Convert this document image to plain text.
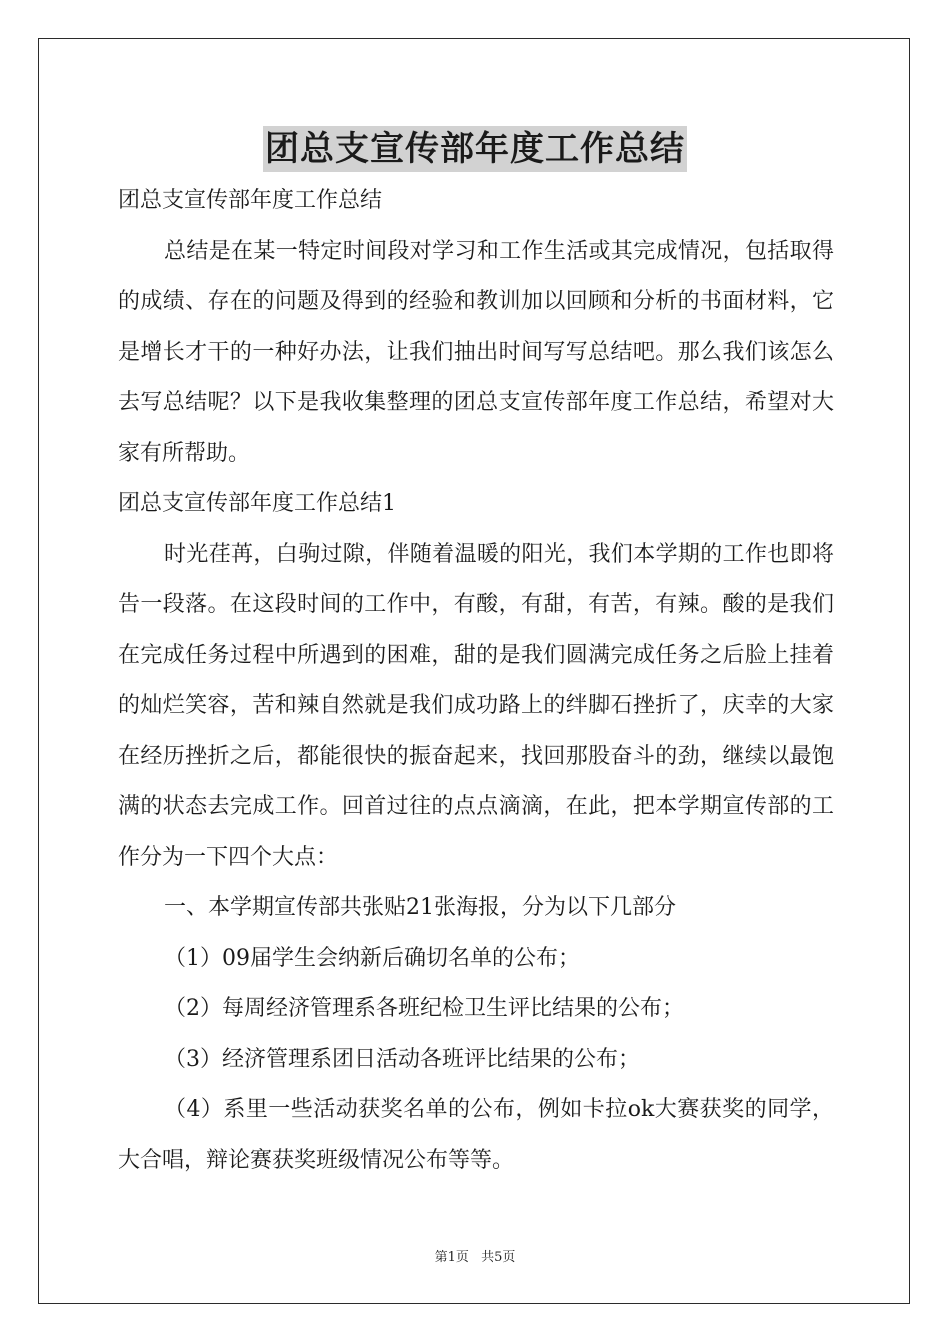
团总支宣传部年度工作总结

团总支宣传部年度工作总结

总结是在某一特定时间段对学习和工作生活或其完成情况，包括取得的成绩、存在的问题及得到的经验和教训加以回顾和分析的书面材料，它是增长才干的一种好办法，让我们抽出时间写写总结吧。那么我们该怎么去写总结呢？以下是我收集整理的团总支宣传部年度工作总结，希望对大家有所帮助。

团总支宣传部年度工作总结1

时光荏苒，白驹过隙，伴随着温暖的阳光，我们本学期的工作也即将告一段落。在这段时间的工作中，有酸，有甜，有苦，有辣。酸的是我们在完成任务过程中所遇到的困难，甜的是我们圆满完成任务之后脸上挂着的灿烂笑容，苦和辣自然就是我们成功路上的绊脚石挫折了，庆幸的大家在经历挫折之后，都能很快的振奋起来，找回那股奋斗的劲，继续以最饱满的状态去完成工作。回首过往的点点滴滴，在此，把本学期宣传部的工作分为一下四个大点：

一、本学期宣传部共张贴21张海报，分为以下几部分

（1）09届学生会纳新后确切名单的公布；

（2）每周经济管理系各班纪检卫生评比结果的公布；

（3）经济管理系团日活动各班评比结果的公布；

（4）系里一些活动获奖名单的公布，例如卡拉ok大赛获奖的同学，大合唱，辩论赛获奖班级情况公布等等。

第1页 共5页
